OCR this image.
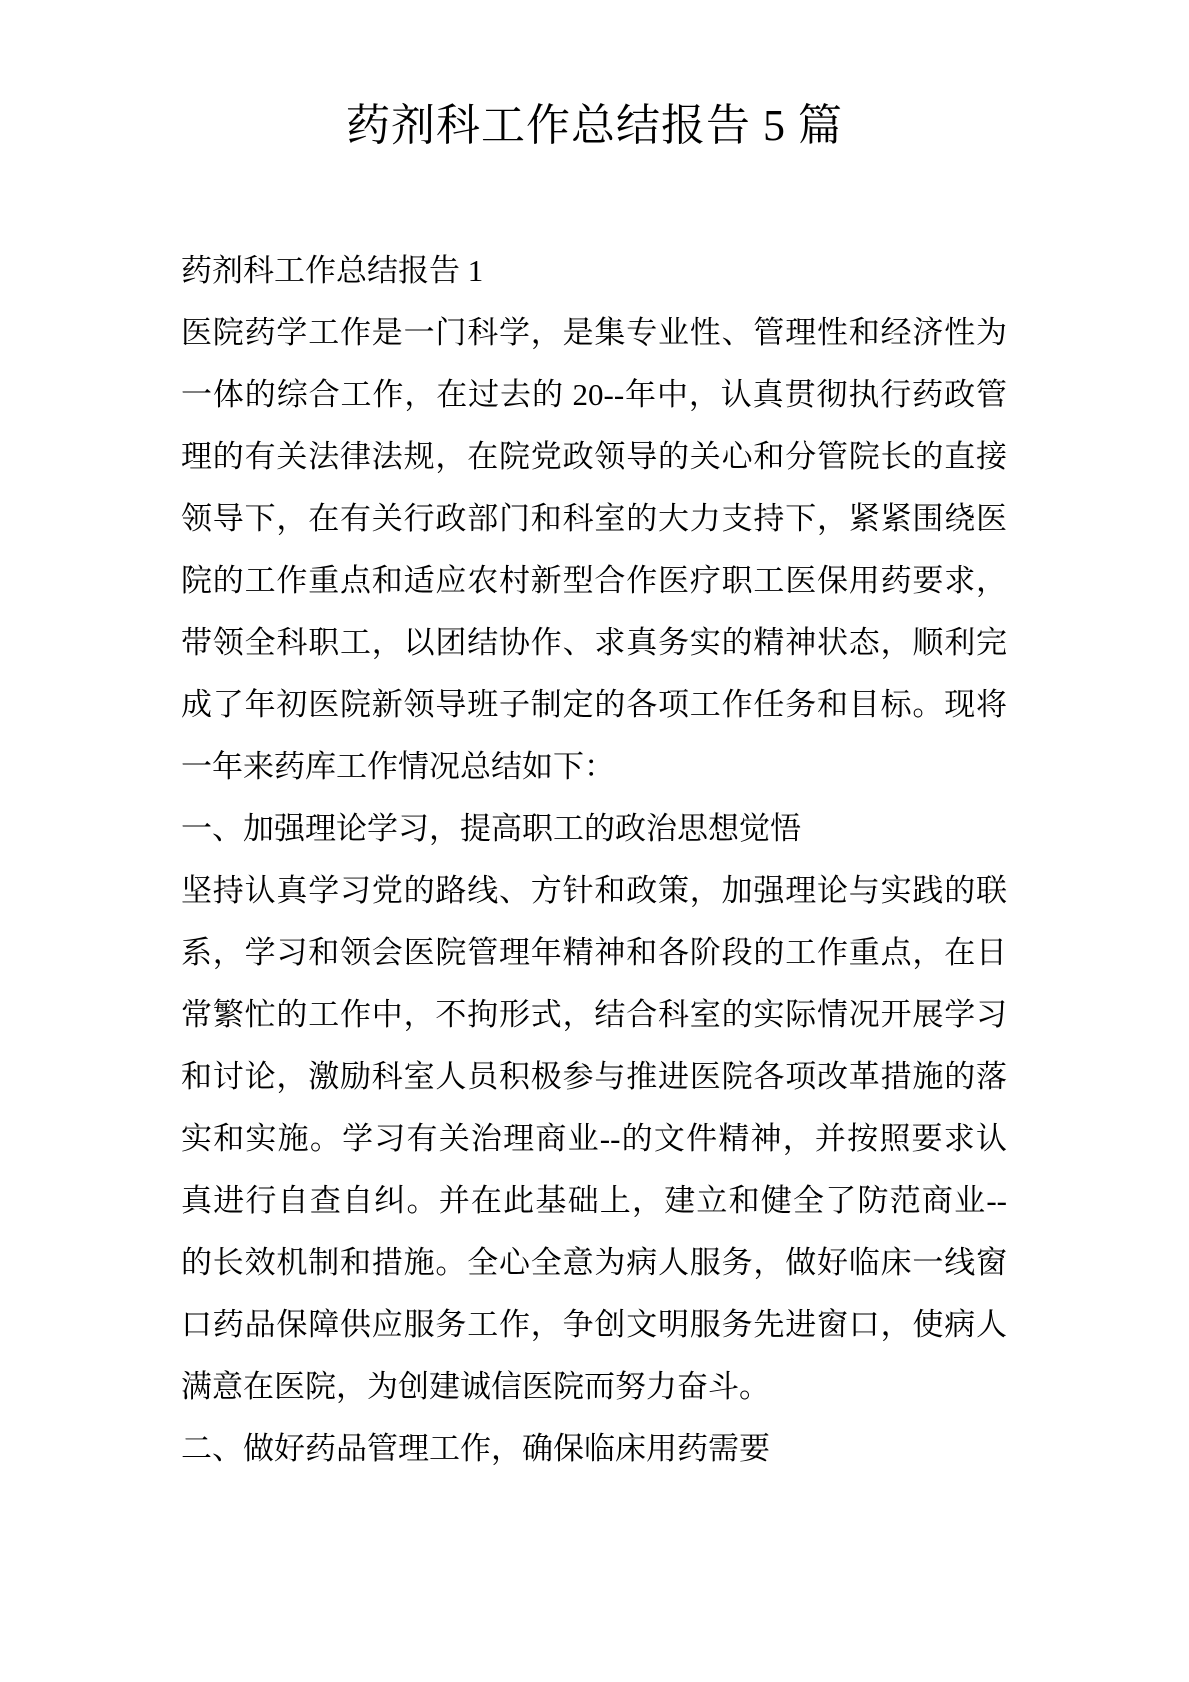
药剂科工作总结报告 5 篇

药剂科工作总结报告 1

医院药学工作是一门科学，是集专业性、管理性和经济性为

一体的综合工作，在过去的 20--年中，认真贯彻执行药政管

理的有关法律法规，在院党政领导的关心和分管院长的直接

领导下，在有关行政部门和科室的大力支持下，紧紧围绕医

院的工作重点和适应农村新型合作医疗职工医保用药要求，

带领全科职工，以团结协作、求真务实的精神状态，顺利完

成了年初医院新领导班子制定的各项工作任务和目标。现将

一年来药库工作情况总结如下：

一、加强理论学习，提高职工的政治思想觉悟

坚持认真学习党的路线、方针和政策，加强理论与实践的联

系，学习和领会医院管理年精神和各阶段的工作重点，在日

常繁忙的工作中，不拘形式，结合科室的实际情况开展学习

和讨论，激励科室人员积极参与推进医院各项改革措施的落

实和实施。学习有关治理商业--的文件精神，并按照要求认

真进行自查自纠。并在此基础上，建立和健全了防范商业--

的长效机制和措施。全心全意为病人服务，做好临床一线窗

口药品保障供应服务工作，争创文明服务先进窗口，使病人

满意在医院，为创建诚信医院而努力奋斗。

二、做好药品管理工作，确保临床用药需要
